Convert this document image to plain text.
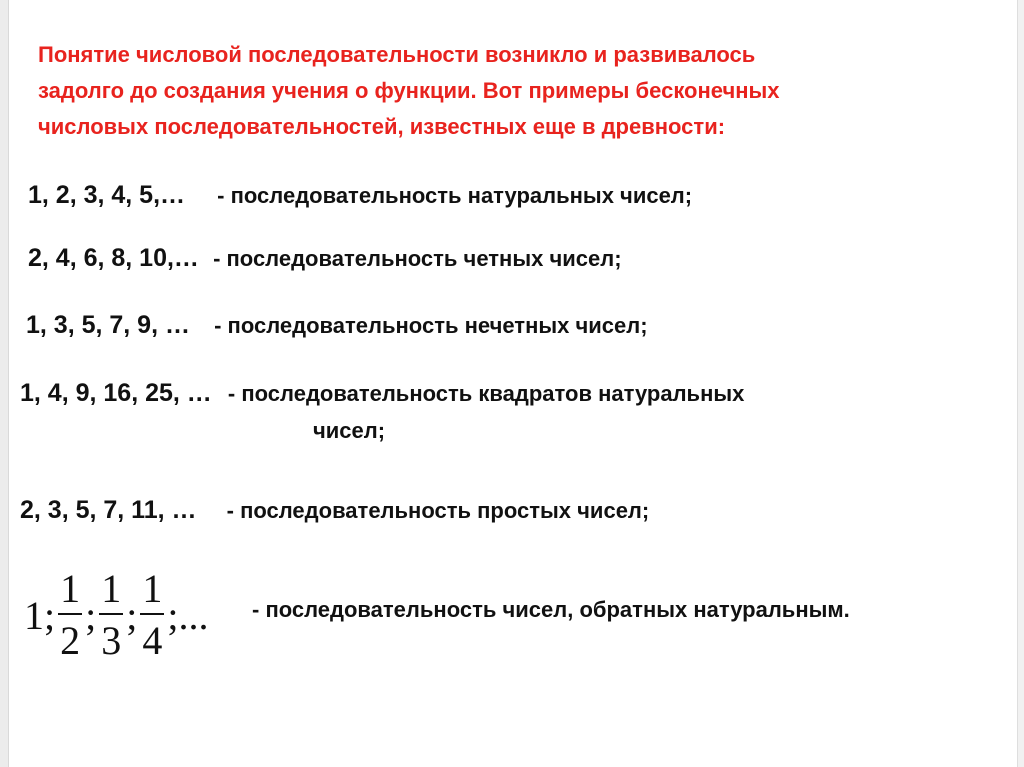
Понятие числовой последовательности возникло и развивалось
задолго до создания учения о функции. Вот примеры бесконечных
числовых последовательностей, известных еще в древности:
1, 2, 3, 4, 5,… - последовательность натуральных чисел;
2, 4, 6, 8, 10,… - последовательность четных чисел;
1, 3, 5, 7, 9, … - последовательность нечетных чисел;
1, 4, 9, 16, 25, … - последовательность квадратов натуральных
чисел;
2, 3, 5, 7, 11, … - последовательность простых чисел;
1 ; $\frac{1}{2}$ ; $\frac{1}{3}$ ; $\frac{1}{4}$ ;... - последовательность чисел, обратных натуральным.
